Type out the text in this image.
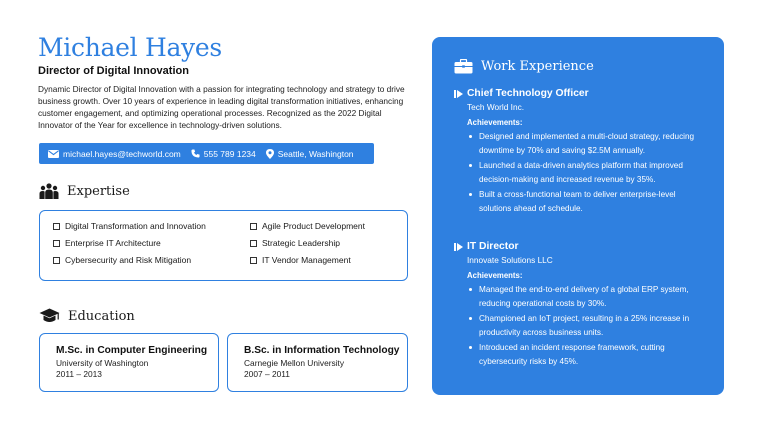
Michael Hayes
Director of Digital Innovation
Dynamic Director of Digital Innovation with a passion for integrating technology and strategy to drive business growth. Over 10 years of experience in leading digital transformation initiatives, enhancing customer engagement, and optimizing operational processes. Recognized as the 2022 Digital Innovator of the Year for excellence in technology-driven solutions.
michael.hayes@techworld.com	555 789 1234	Seattle, Washington
Expertise
Digital Transformation and Innovation	Agile Product Development
Enterprise IT Architecture	Strategic Leadership
Cybersecurity and Risk Mitigation	IT Vendor Management
Education
M.Sc. in Computer Engineering
University of Washington
2011 – 2013
B.Sc. in Information Technology
Carnegie Mellon University
2007 – 2011
Work Experience
Chief Technology Officer
Tech World Inc.
Achievements:
Designed and implemented a multi-cloud strategy, reducing downtime by 70% and saving $2.5M annually.
Launched a data-driven analytics platform that improved decision-making and increased revenue by 35%.
Built a cross-functional team to deliver enterprise-level solutions ahead of schedule.
IT Director
Innovate Solutions LLC
Achievements:
Managed the end-to-end delivery of a global ERP system, reducing operational costs by 30%.
Championed an IoT project, resulting in a 25% increase in productivity across business units.
Introduced an incident response framework, cutting cybersecurity risks by 45%.
